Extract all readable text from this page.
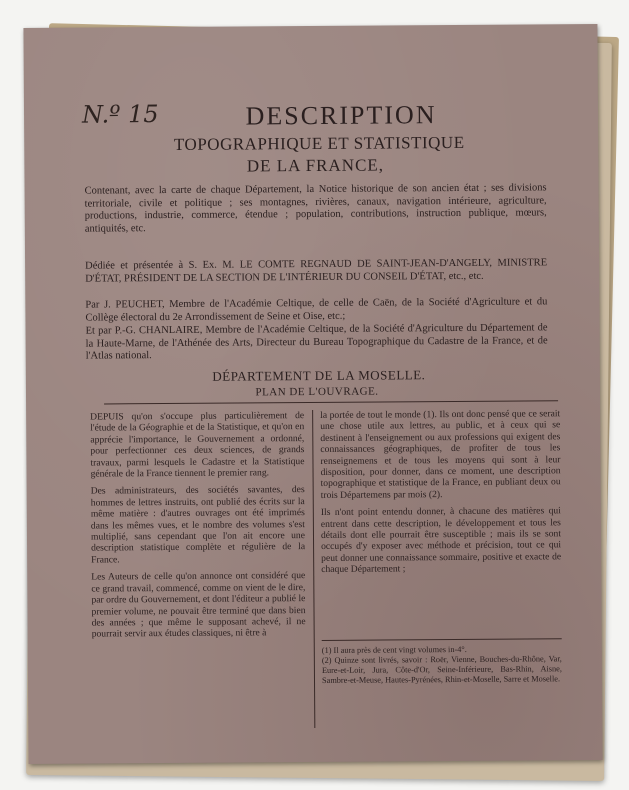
N.º 15	DESCRIPTION
TOPOGRAPHIQUE ET STATISTIQUE
DE LA FRANCE,
Contenant, avec la carte de chaque Département, la Notice historique de son ancien état ; ses divisions territoriale, civile et politique ; ses montagnes, rivières, canaux, navigation intérieure, agriculture, productions, industrie, commerce, étendue ; population, contributions, instruction publique, mœurs, antiquités, etc.
Dédiée et présentée à S. Ex. M. LE COMTE REGNAUD DE SAINT-JEAN-D'ANGELY, MINISTRE D'ÉTAT, PRÉSIDENT DE LA SECTION DE L'INTÉRIEUR DU CONSEIL D'ÉTAT, etc., etc.
Par J. PEUCHET, Membre de l'Académie Celtique, de celle de Caën, de la Société d'Agriculture et du Collège électoral du 2e Arrondissement de Seine et Oise, etc.;
Et par P.-G. CHANLAIRE, Membre de l'Académie Celtique, de la Société d'Agriculture du Département de la Haute-Marne, de l'Athénée des Arts, Directeur du Bureau Topographique du Cadastre de la France, et de l'Atlas national.
DÉPARTEMENT DE LA MOSELLE.
PLAN DE L'OUVRAGE.

DEPUIS qu'on s'occupe plus particulièrement de l'étude de la Géographie et de la Statistique, et qu'on en apprécie l'importance, le Gouvernement a ordonné, pour perfectionner ces deux sciences, de grands travaux, parmi lesquels le Cadastre et la Statistique générale de la France tiennent le premier rang.

Des administrateurs, des sociétés savantes, des hommes de lettres instruits, ont publié des écrits sur la même matière : d'autres ouvrages ont été imprimés dans les mêmes vues, et le nombre des volumes s'est multiplié, sans cependant que l'on ait encore une description statistique complète et régulière de la France.

Les Auteurs de celle qu'on annonce ont considéré que ce grand travail, commencé, comme on vient de le dire, par ordre du Gouvernement, et dont l'éditeur a publié le premier volume, ne pouvait être terminé que dans bien des années ; que même le supposant achevé, il ne pourrait servir aux études classiques, ni être à

la portée de tout le monde (1). Ils ont donc pensé que ce serait une chose utile aux lettres, au public, et à ceux qui se destinent à l'enseignement ou aux professions qui exigent des connaissances géographiques, de profiter de tous les renseignemens et de tous les moyens qui sont à leur disposition, pour donner, dans ce moment, une description topographique et statistique de la France, en publiant deux ou trois Départemens par mois (2).

Ils n'ont point entendu donner, à chacune des matières qui entrent dans cette description, le développement et tous les détails dont elle pourrait être susceptible ; mais ils se sont occupés d'y exposer avec méthode et précision, tout ce qui peut donner une connaissance sommaire, positive et exacte de chaque Département ;

(1) Il aura près de cent vingt volumes in-4°.
(2) Quinze sont livrés, savoir : Roër, Vienne, Bouches-du-Rhône, Var, Eure-et-Loir, Jura, Côte-d'Or, Seine-Inférieure, Bas-Rhin, Aisne, Sambre-et-Meuse, Hautes-Pyrénées, Rhin-et-Moselle, Sarre et Moselle.
